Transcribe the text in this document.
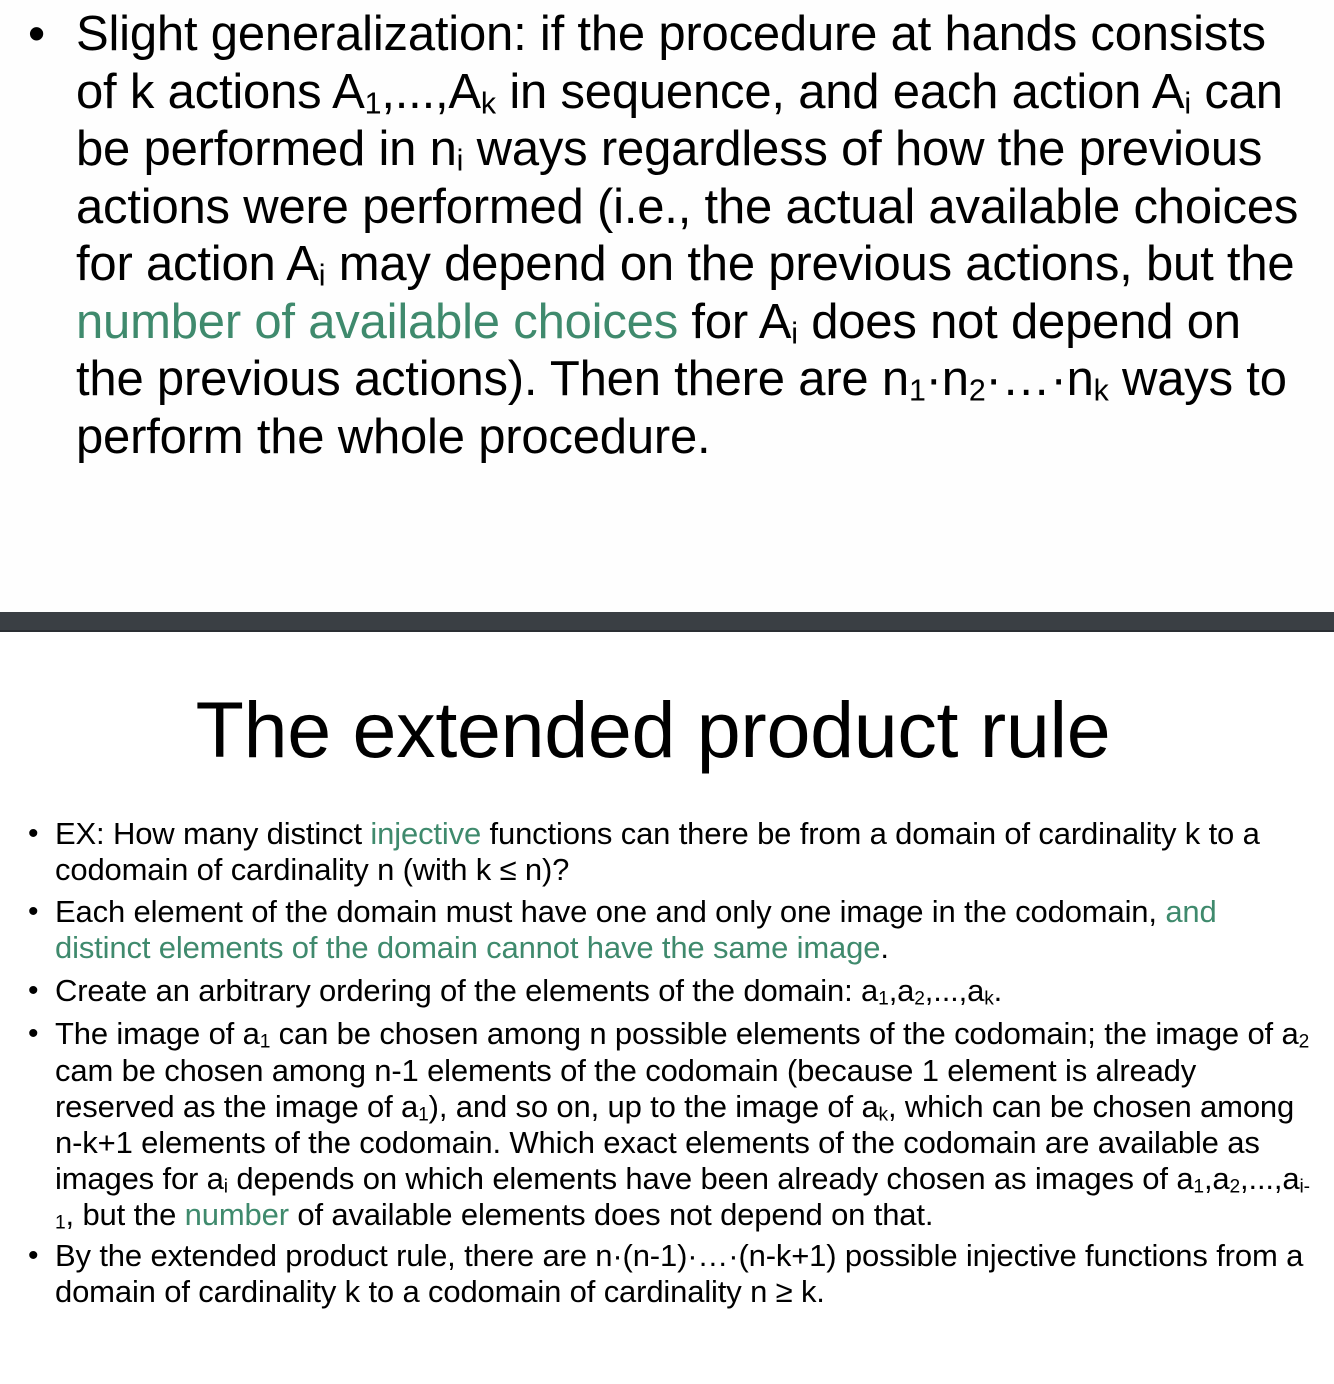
• Slight generalization: if the procedure at hands consists of k actions $A_1,...,A_k$ in sequence, and each action $A_i$ can be performed in $n_i$ ways regardless of how the previous actions were performed (i.e., the actual available choices for action $A_i$ may depend on the previous actions, but the number of available choices for $A_i$ does not depend on the previous actions). Then there are $n_1\cdot n_2\cdot\dots\cdot n_k$ ways to perform the whole procedure.
The extended product rule
• EX: How many distinct injective functions can there be from a domain of cardinality k to a codomain of cardinality n (with k ≤ n)?
• Each element of the domain must have one and only one image in the codomain, and distinct elements of the domain cannot have the same image.
• Create an arbitrary ordering of the elements of the domain: $a_1,a_2,...,a_k$.
• The image of $a_1$ can be chosen among n possible elements of the codomain; the image of $a_2$ cam be chosen among n-1 elements of the codomain (because 1 element is already reserved as the image of $a_1$), and so on, up to the image of $a_k$, which can be chosen among n-k+1 elements of the codomain. Which exact elements of the codomain are available as images for $a_i$ depends on which elements have been already chosen as images of $a_1,a_2,...,a_{i-1}$, but the number of available elements does not depend on that.
• By the extended product rule, there are n·(n-1)·…·(n-k+1) possible injective functions from a domain of cardinality k to a codomain of cardinality n ≥ k.
